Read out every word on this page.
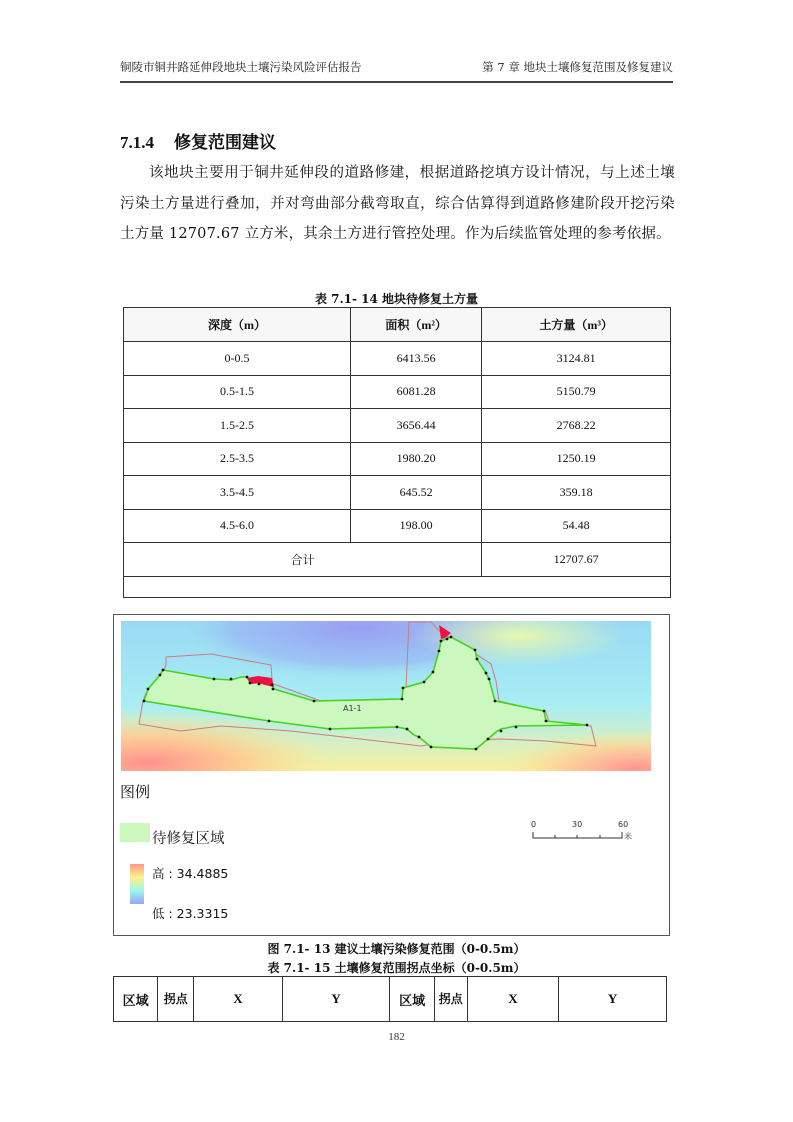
铜陵市铜井路延伸段地块土壤污染风险评估报告	第 7 章 地块土壤修复范围及修复建议
7.1.4 修复范围建议
该地块主要用于铜井延伸段的道路修建，根据道路挖填方设计情况，与上述土壤污染土方量进行叠加，并对弯曲部分截弯取直，综合估算得到道路修建阶段开挖污染土方量 12707.67 立方米，其余土方进行管控处理。作为后续监管处理的参考依据。
表 7.1- 14 地块待修复土方量
深度（m）	面积（m²）	土方量（m³）
0-0.5	6413.56	3124.81
0.5-1.5	6081.28	5150.79
1.5-2.5	3656.44	2768.22
2.5-3.5	1980.20	1250.19
3.5-4.5	645.52	359.18
4.5-6.0	198.00	54.48
合计		12707.67

A1-1
图例
待修复区域
高 : 34.4885
低 : 23.3315
0	30	60
米
图 7.1- 13 建议土壤污染修复范围（0-0.5m）
表 7.1- 15 土壤修复范围拐点坐标（0-0.5m）
区域	拐点	X	Y	区域	拐点	X	Y
182
